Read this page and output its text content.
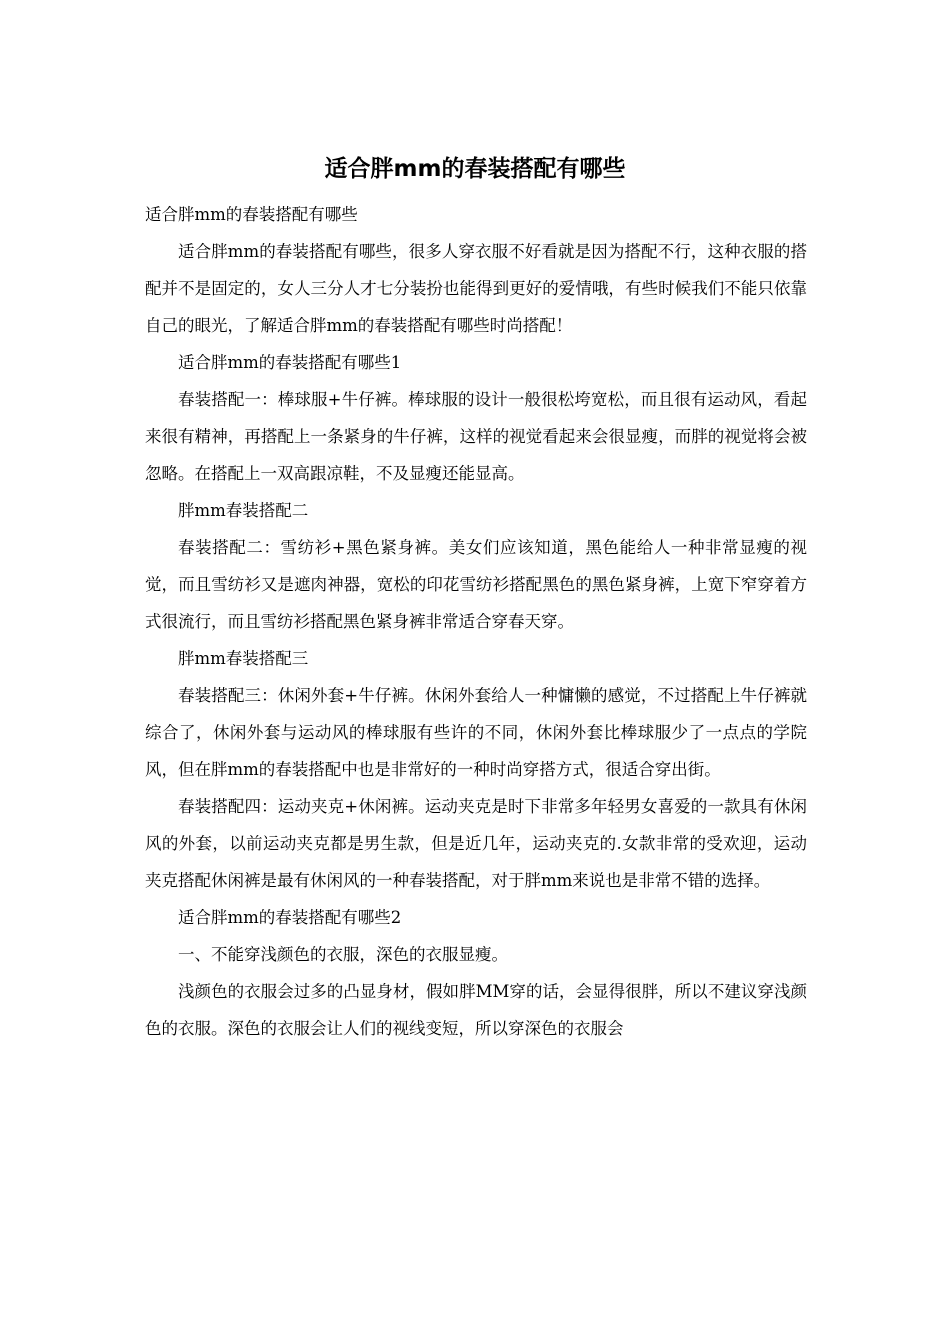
适合胖mm的春装搭配有哪些

适合胖mm的春装搭配有哪些

适合胖mm的春装搭配有哪些，很多人穿衣服不好看就是因为搭配不行，这种衣服的搭配并不是固定的，女人三分人才七分装扮也能得到更好的爱情哦，有些时候我们不能只依靠自己的眼光，了解适合胖mm的春装搭配有哪些时尚搭配！

适合胖mm的春装搭配有哪些1

春装搭配一：棒球服+牛仔裤。棒球服的设计一般很松垮宽松，而且很有运动风，看起来很有精神，再搭配上一条紧身的牛仔裤，这样的视觉看起来会很显瘦，而胖的视觉将会被忽略。在搭配上一双高跟凉鞋，不及显瘦还能显高。

胖mm春装搭配二

春装搭配二：雪纺衫+黑色紧身裤。美女们应该知道，黑色能给人一种非常显瘦的视觉，而且雪纺衫又是遮肉神器，宽松的印花雪纺衫搭配黑色的黑色紧身裤，上宽下窄穿着方式很流行，而且雪纺衫搭配黑色紧身裤非常适合穿春天穿。

胖mm春装搭配三

春装搭配三：休闲外套+牛仔裤。休闲外套给人一种慵懒的感觉，不过搭配上牛仔裤就综合了，休闲外套与运动风的棒球服有些许的不同，休闲外套比棒球服少了一点点的学院风，但在胖mm的春装搭配中也是非常好的一种时尚穿搭方式，很适合穿出街。

春装搭配四：运动夹克+休闲裤。运动夹克是时下非常多年轻男女喜爱的一款具有休闲风的外套，以前运动夹克都是男生款，但是近几年，运动夹克的.女款非常的受欢迎，运动夹克搭配休闲裤是最有休闲风的一种春装搭配，对于胖mm来说也是非常不错的选择。

适合胖mm的春装搭配有哪些2

一、不能穿浅颜色的衣服，深色的衣服显瘦。

浅颜色的衣服会过多的凸显身材，假如胖MM穿的话，会显得很胖，所以不建议穿浅颜色的衣服。深色的衣服会让人们的视线变短，所以穿深色的衣服会
